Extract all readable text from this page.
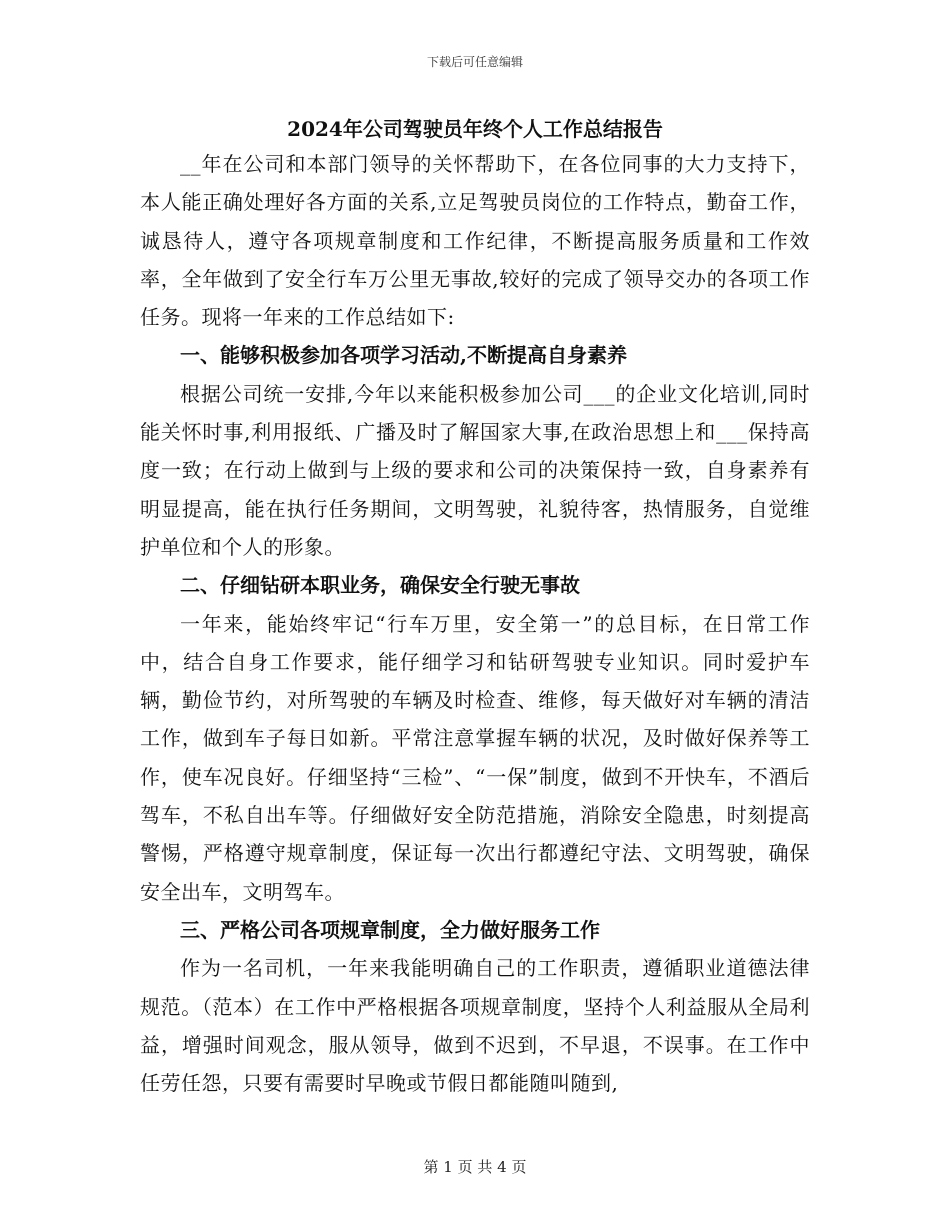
下载后可任意编辑
2024年公司驾驶员年终个人工作总结报告

__年在公司和本部门领导的关怀帮助下，在各位同事的大力支持下，本人能正确处理好各方面的关系,立足驾驶员岗位的工作特点，勤奋工作，诚恳待人，遵守各项规章制度和工作纪律，不断提高服务质量和工作效率，全年做到了安全行车万公里无事故,较好的完成了领导交办的各项工作任务。现将一年来的工作总结如下:

一、能够积极参加各项学习活动,不断提高自身素养

根据公司统一安排,今年以来能积极参加公司___的企业文化培训,同时能关怀时事,利用报纸、广播及时了解国家大事,在政治思想上和___保持高度一致；在行动上做到与上级的要求和公司的决策保持一致，自身素养有明显提高，能在执行任务期间，文明驾驶，礼貌待客，热情服务，自觉维护单位和个人的形象。

二、仔细钻研本职业务，确保安全行驶无事故

一年来，能始终牢记“行车万里，安全第一”的总目标，在日常工作中，结合自身工作要求，能仔细学习和钻研驾驶专业知识。同时爱护车辆，勤俭节约，对所驾驶的车辆及时检查、维修，每天做好对车辆的清洁工作，做到车子每日如新。平常注意掌握车辆的状况，及时做好保养等工作，使车况良好。仔细坚持“三检”、“一保”制度，做到不开快车，不酒后驾车，不私自出车等。仔细做好安全防范措施，消除安全隐患，时刻提高警惕，严格遵守规章制度，保证每一次出行都遵纪守法、文明驾驶，确保安全出车，文明驾车。

三、严格公司各项规章制度，全力做好服务工作

作为一名司机，一年来我能明确自己的工作职责，遵循职业道德法律规范。（范本）在工作中严格根据各项规章制度，坚持个人利益服从全局利益，增强时间观念，服从领导，做到不迟到，不早退，不误事。在工作中任劳任怨，只要有需要时早晚或节假日都能随叫随到,

第 1 页 共 4 页
